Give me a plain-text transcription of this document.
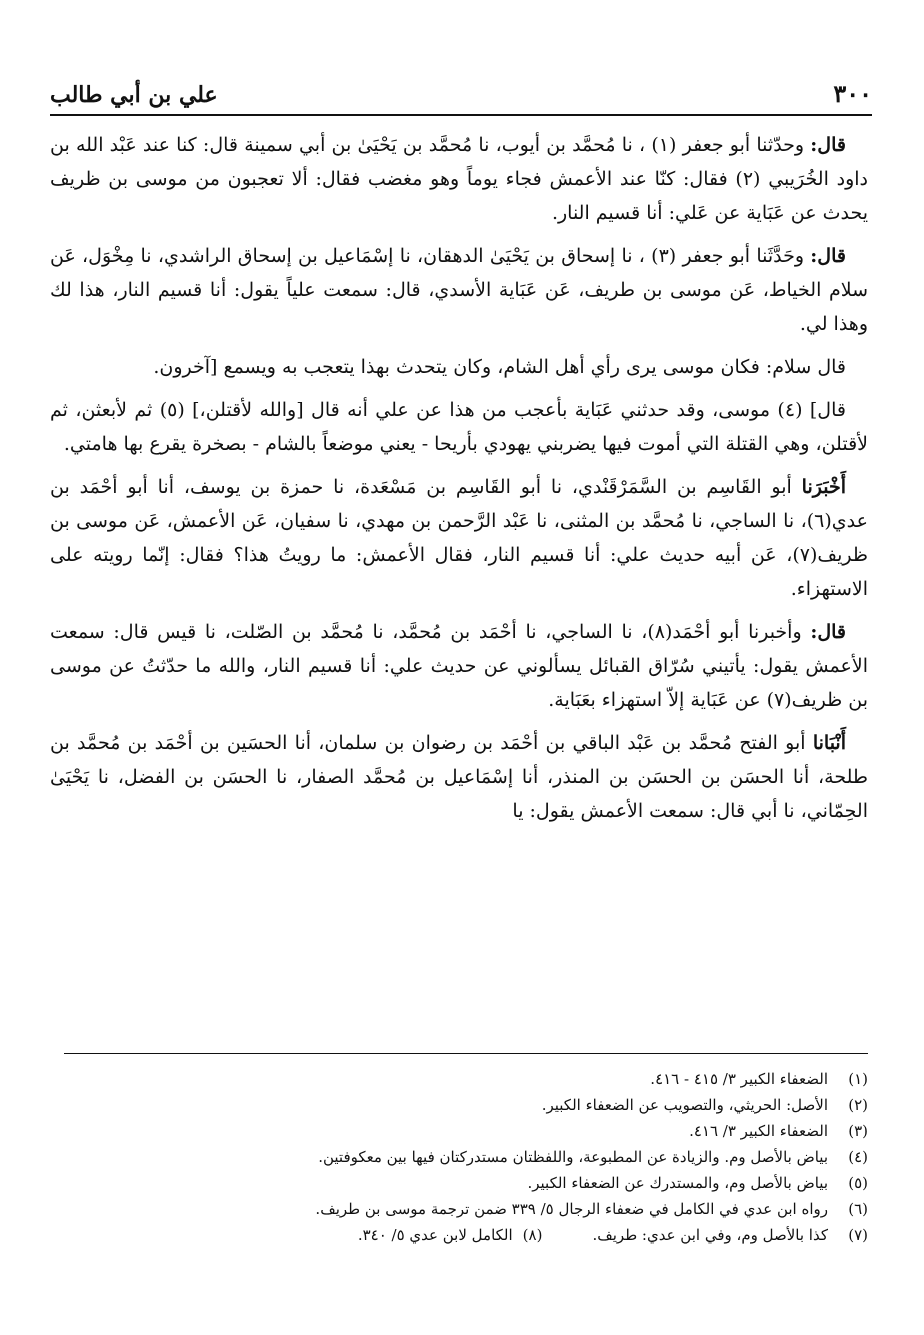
٣٠٠
علي بن أبي طالب

قال: وحدّثنا أبو جعفر (١) ، نا مُحمَّد بن أيوب، نا مُحمَّد بن يَحْيَىٰ بن أبي سمينة قال: كنا عند عَبْد الله بن داود الخُرَيبي (٢) فقال: كنّا عند الأعمش فجاء يوماً وهو مغضب فقال: ألا تعجبون من موسى بن ظريف يحدث عن عَبَاية عن عَلي: أنا قسيم النار.

قال: وحَدَّثَنا أبو جعفر (٣) ، نا إسحاق بن يَحْيَىٰ الدهقان، نا إسْمَاعيل بن إسحاق الراشدي، نا مِخْوَل، عَن سلام الخياط، عَن موسى بن طريف، عَن عَبَاية الأسدي، قال: سمعت علياً يقول: أنا قسيم النار، هذا لك وهذا لي.

قال سلام: فكان موسى يرى رأي أهل الشام، وكان يتحدث بهذا يتعجب به ويسمع [آخرون.

قال] (٤) موسى، وقد حدثني عَبَاية بأعجب من هذا عن علي أنه قال [والله لأقتلن،] (٥) ثم لأبعثن، ثم لأقتلن، وهي القتلة التي أموت فيها يضربني يهودي بأريحا - يعني موضعاً بالشام - بصخرة يقرع بها هامتي.

أَخْبَرَنا أبو القَاسِم بن السَّمَرْقَنْدي، نا أبو القَاسِم بن مَسْعَدة، نا حمزة بن يوسف، أنا أبو أحْمَد بن عدي(٦)، نا الساجي، نا مُحمَّد بن المثنى، نا عَبْد الرَّحمن بن مهدي، نا سفيان، عَن الأعمش، عَن موسى بن ظريف(٧)، عَن أبيه حديث علي: أنا قسيم النار، فقال الأعمش: ما رويتُ هذا؟ فقال: إنّما رويته على الاستهزاء.

قال: وأخبرنا أبو أحْمَد(٨)، نا الساجي، نا أحْمَد بن مُحمَّد، نا مُحمَّد بن الصّلت، نا قيس قال: سمعت الأعمش يقول: يأتيني سُرّاق القبائل يسألوني عن حديث علي: أنا قسيم النار، والله ما حدّثتُ عن موسى بن ظريف(٧) عن عَبَاية إلاّ استهزاء بعَبَاية.

أَنْبَانا أبو الفتح مُحمَّد بن عَبْد الباقي بن أحْمَد بن رضوان بن سلمان، أنا الحسَين بن أحْمَد بن مُحمَّد بن طلحة، أنا الحسَن بن الحسَن بن المنذر، أنا إسْمَاعيل بن مُحمَّد الصفار، نا الحسَن بن الفضل، نا يَحْيَىٰ الحِمّاني، نا أبي قال: سمعت الأعمش يقول: يا

(١)
الضعفاء الكبير ٣/ ٤١٥ - ٤١٦.
(٢)
الأصل: الحريثي، والتصويب عن الضعفاء الكبير.
(٣)
الضعفاء الكبير ٣/ ٤١٦.
(٤)
بياض بالأصل وم. والزيادة عن المطبوعة، واللفظتان مستدركتان فيها بين معكوفتين.
(٥)
بياض بالأصل وم، والمستدرك عن الضعفاء الكبير.
(٦)
رواه ابن عدي في الكامل في ضعفاء الرجال ٥/ ٣٣٩ ضمن ترجمة موسى بن طريف.
(٧)
كذا بالأصل وم، وفي ابن عدي: طريف.
(٨)
الكامل لابن عدي ٥/ ٣٤٠.
